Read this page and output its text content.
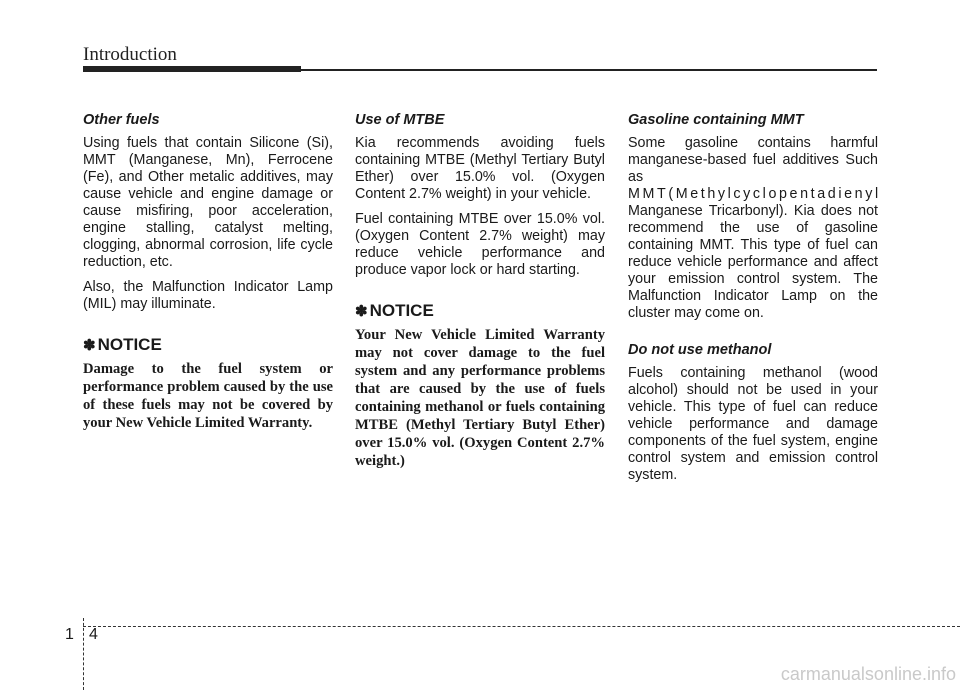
Introduction
Other fuels

Using fuels that contain Silicone (Si), MMT (Manganese, Mn), Ferrocene (Fe), and Other metalic additives, may cause vehicle and engine damage or cause misfiring, poor acceleration, engine stalling, catalyst melting, clogging, abnormal corrosion, life cycle reduction, etc.

Also, the Malfunction Indicator Lamp (MIL) may illuminate.

✽ NOTICE

Damage to the fuel system or performance problem caused by the use of these fuels may not be covered by your New Vehicle Limited Warranty.

Use of MTBE

Kia recommends avoiding fuels containing MTBE (Methyl Tertiary Butyl Ether) over 15.0% vol. (Oxygen Content 2.7% weight) in your vehicle.

Fuel containing MTBE over 15.0% vol. (Oxygen Content 2.7% weight) may reduce vehicle performance and produce vapor lock or hard starting.

✽ NOTICE

Your New Vehicle Limited Warranty may not cover damage to the fuel system and any performance problems that are caused by the use of fuels containing methanol or fuels containing MTBE (Methyl Tertiary Butyl Ether) over 15.0% vol. (Oxygen Content 2.7% weight.)

Gasoline containing MMT

Some gasoline contains harmful manganese-based fuel additives Such as MMT(Methylcyclopentadienyl Manganese Tricarbonyl). Kia does not recommend the use of gasoline containing MMT. This type of fuel can reduce vehicle performance and affect your emission control system. The Malfunction Indicator Lamp on the cluster may come on.

Do not use methanol

Fuels containing methanol (wood alcohol) should not be used in your vehicle. This type of fuel can reduce vehicle performance and damage components of the fuel system, engine control system and emission control system.

1 4
carmanualsonline.info
